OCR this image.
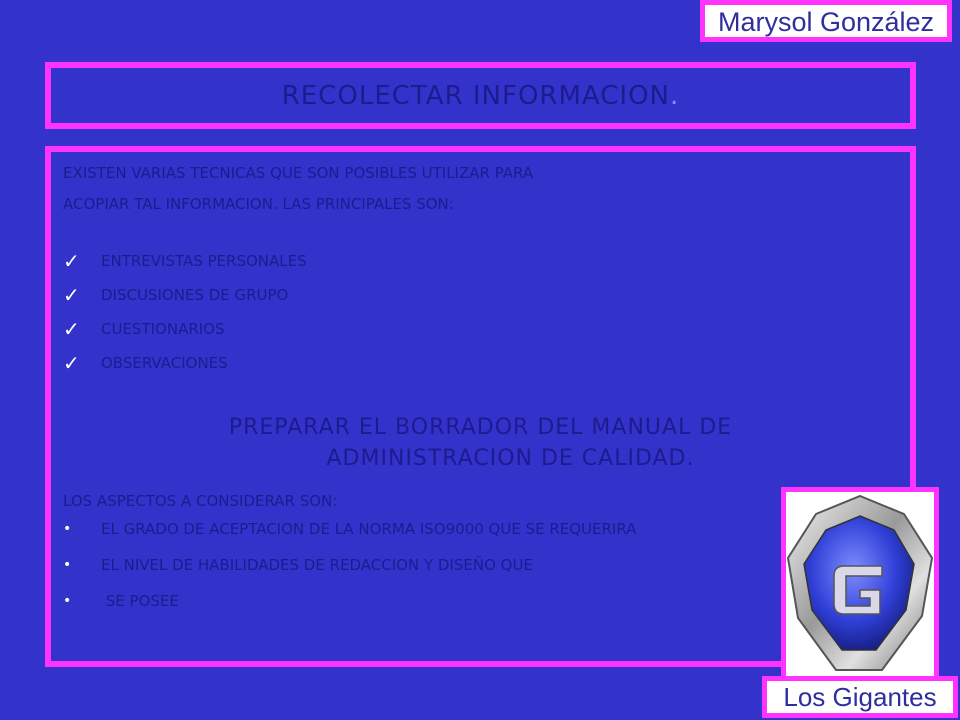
Marysol González
RECOLECTAR INFORMACION .
EXISTEN VARIAS TECNICAS QUE SON POSIBLES UTILIZAR PARA
ACOPIAR TAL INFORMACION. LAS PRINCIPALES SON:
✓ ENTREVISTAS PERSONALES
✓ DISCUSIONES DE GRUPO
✓ CUESTIONARIOS
✓ OBSERVACIONES
PREPARAR EL BORRADOR DEL MANUAL DE
ADMINISTRACION DE CALIDAD.
LOS ASPECTOS A CONSIDERAR SON:
• EL GRADO DE ACEPTACION DE LA NORMA ISO9000 QUE SE REQUERIRA
• EL NIVEL DE HABILIDADES DE REDACCION Y DISEÑO QUE
• SE POSEE
Los Gigantes
